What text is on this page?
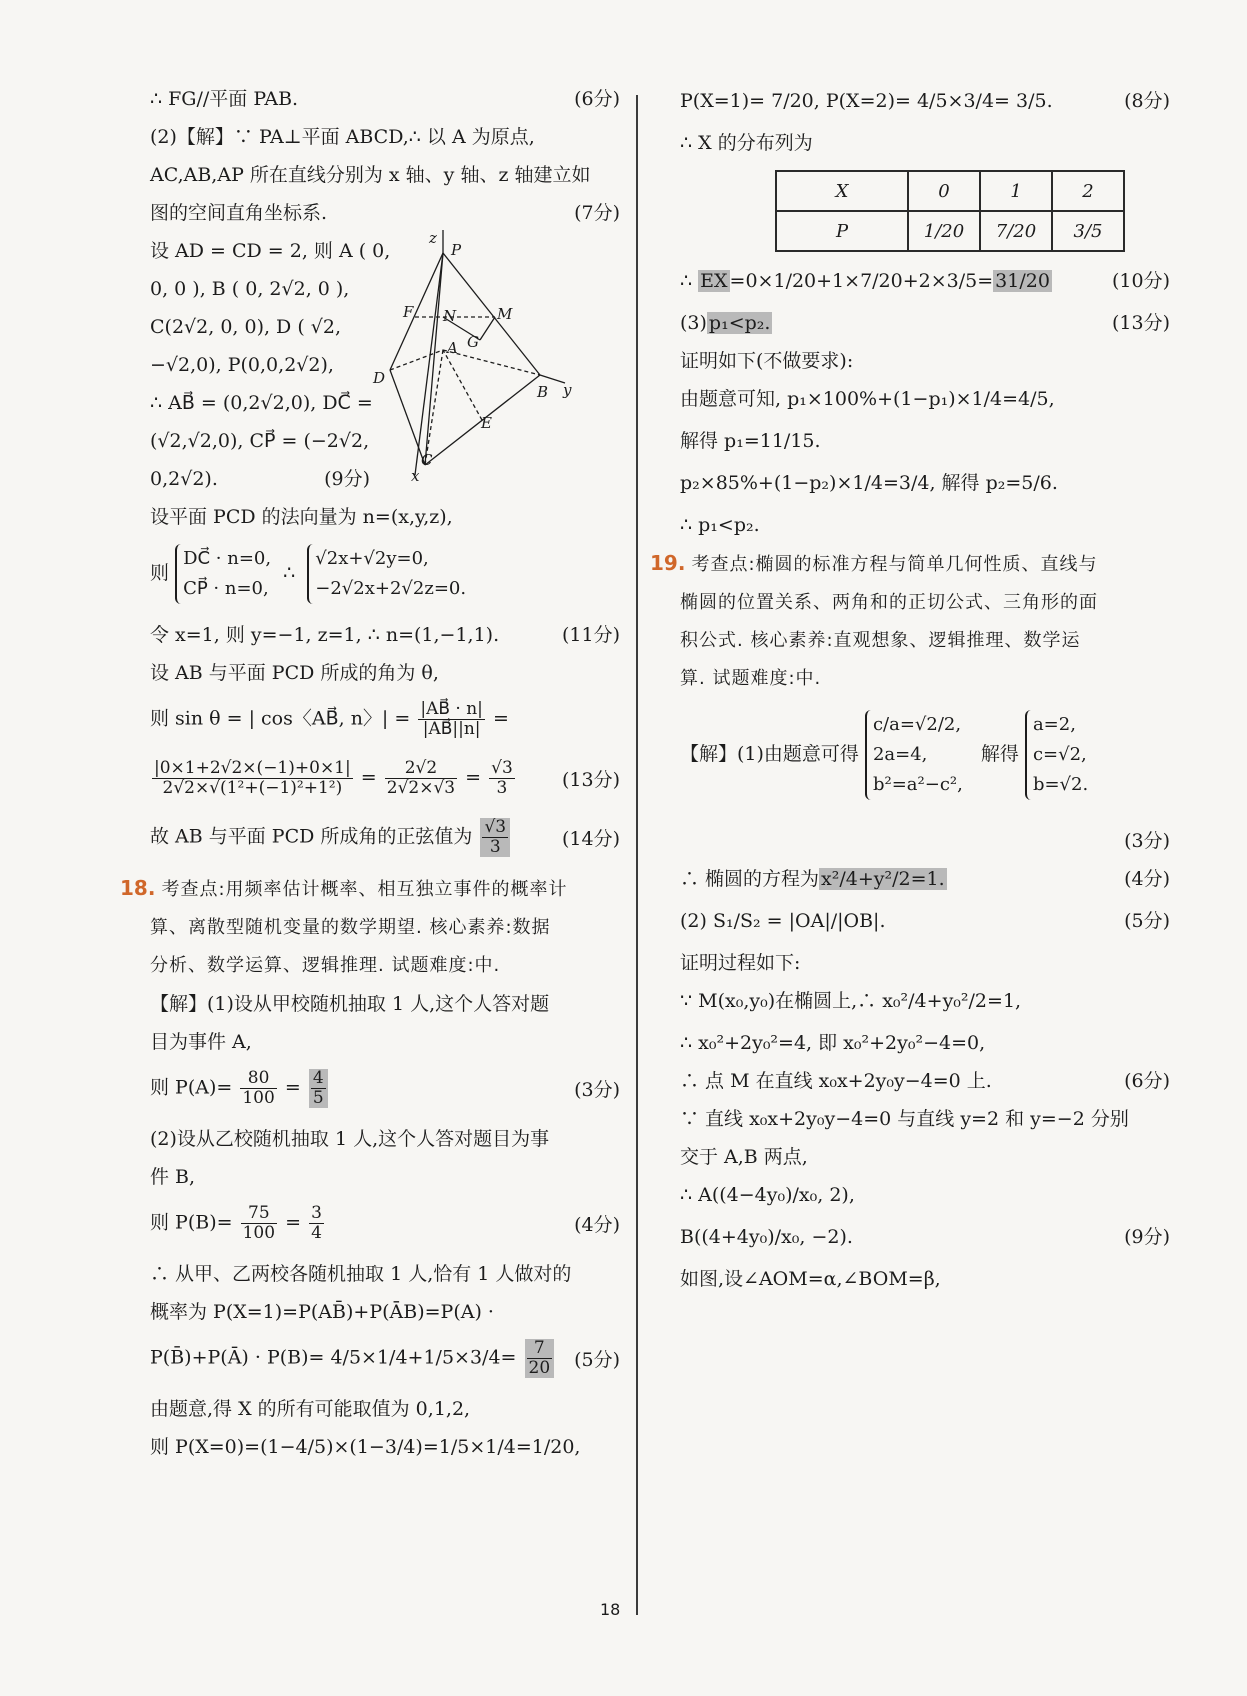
∴ FG//平面 PAB.	(6分)
(2)【解】∵ PA⊥平面 ABCD,∴ 以 A 为原点,
AC,AB,AP 所在直线分别为 x 轴、y 轴、z 轴建立如
图的空间直角坐标系.	(7分)
设 AD = CD = 2, 则 A ( 0,
0, 0 ), B ( 0, 2√2, 0 ),
C(2√2, 0, 0), D ( √2,
−√2,0), P(0,0,2√2),
∴ AB⃗ = (0,2√2,0), DC⃗ =
(√2,√2,0), CP⃗ = (−2√2,
0,2√2).	(9分)
设平面 PCD 的法向量为 n=(x,y,z),
则
DC⃗ · n=0,
CP⃗ · n=0,
∴
√2x+√2y=0,
−2√2x+2√2z=0.
令 x=1, 则 y=−1, z=1, ∴ n=(1,−1,1).	(11分)
设 AB 与平面 PCD 所成的角为 θ,
则 sin θ = | cos〈AB⃗, n〉| = $\frac{|AB⃗ \cdot n|}{|AB⃗||n|}$ =
$\frac{|0\times 1+2√2\times(-1)+0\times 1|}{\text{2√2×√(1²+(−1)²+1²)}} = \frac{2√2}{2√2\times√3} = \frac{√3}{3} (13$分)
故 AB 与平面 PCD 所成角的正弦值为 $\frac{√3}{3}$	(14分)
18. 考查点:用频率估计概率、相互独立事件的概率计
算、离散型随机变量的数学期望. 核心素养:数据
分析、数学运算、逻辑推理. 试题难度:中.
【解】(1)设从甲校随机抽取 1 人,这个人答对题
目为事件 A,
则 $P(A)= \frac{80}{100} = \frac{4}{5}$	(3分)
(2)设从乙校随机抽取 1 人,这个人答对题目为事
件 B,
则 $P(B)= \frac{75}{100} = \frac{3}{4}$	(4分)
∴ 从甲、乙两校各随机抽取 1 人,恰有 1 人做对的
概率为 P(X=1)=P(AB̄)+P(ĀB)=P(A) ·
P(B̄)+P(Ā) · $P(B)= 4/5\times 1/4+1/5\times 3/4= \frac{7}{20} (5$分)
由题意,得 X 的所有可能取值为 0,1,2,
则 P(X=0)=(1−4/5)×(1−3/4)=1/5×1/4=1/20,
z
P
F N	M
G
A
D
B y
E
C
x
P(X=1)= 7/20, P(X=2)= 4/5×3/4= 3/5.	(8分)
∴ X 的分布列为
X	0	1	2
P	1/20	7/20	3/5
∴ EX =0×1/20+1×7/20+2×3/5= 31/20	(10分)
(3) p₁<p₂.	(13分)
证明如下(不做要求):
由题意可知, p₁×100%+(1−p₁)×1/4=4/5,
解得 p₁=11/15.
p₂×85%+(1−p₂)×1/4=3/4, 解得 p₂=5/6.
∴ p₁<p₂.
19. 考查点:椭圆的标准方程与简单几何性质、直线与
椭圆的位置关系、两角和的正切公式、三角形的面
积公式. 核心素养:直观想象、逻辑推理、数学运
算. 试题难度:中.
【解】(1)由题意可得
c/a=√2/2,
2a=4,
b²=a²−c²,
解得
a=2,
c=√2,
b=√2.
(3分)
∴ 椭圆的方程为 x²/4+y²/2=1.	(4分)
(2) S₁/S₂ = |OA|/|OB|.	(5分)
证明过程如下:
∵ M(x₀,y₀)在椭圆上,∴ x₀²/4+y₀²/2=1,
∴ x₀²+2y₀²=4, 即 x₀²+2y₀²−4=0,
∴ 点 M 在直线 x₀x+2y₀y−4=0 上.	(6分)
∵ 直线 x₀x+2y₀y−4=0 与直线 y=2 和 y=−2 分别
交于 A,B 两点,
∴ A((4−4y₀)/x₀, 2),
B((4+4y₀)/x₀, −2).	(9分)
如图,设∠AOM=α,∠BOM=β,
18
